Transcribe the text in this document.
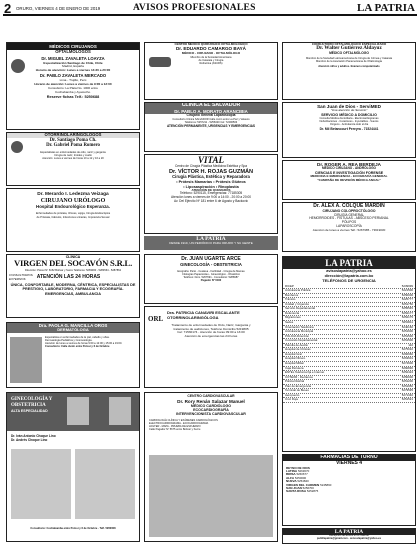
2 ORURO, VIERNES 4 DE ENERO DE 2019	AVISOS PROFESIONALES	LA PATRIA
MÉDICOS CIRUJANOS
OFTALMÓLOGOS
Dr. MIGUEL ZAVALETA LOAYZA
Especialización Santiago de Chile, Chile
Madrid, España
Horario de atención: Lunes a viernes 14:30 a 20:00
Dr. PABLO ZAVALETA MERCADO
Lima - Trujillo, Perú
Horario de atención: Lunes a viernes de 9:00 a 12:00
Consultorio: La Plata No. 1000 entre
Cochabamba y Ayacucho.
Reserve fichas Telf.: 5250688
OTORRINOLARINGÓLOGOS
Dr. Santiago Poma Ch.
Dr. Gabriel Poma Romero
Especialistas en enfermedades de oído, nariz y garganta
Cirugía de nariz, tiroides y cuello
Atención: Lunes a viernes de horas 10 a 12 y 16 a 20
Dr. Merardo I. Ledezma Veizaga
CIRUJANO URÓLOGO
Hospital Endourológico Esperanza.
Enfermedades de próstata, riñones, vejiga, Cirugía Endoscópica
de Próstata, Cálculos, Infecciones urinarias, Impotencia Sexual
CENTRO MÉDICO QUIRÚRGICO OFTALMOLÓGICO
Dr. EDUARDO CAMARGO BAYÁ
MÉDICO - CIRUJANO - OFTALMÓLOGO
Miembro de la Sociedad Americana
de Catarata y Cirugía
Refractiva (ASCRS)
CONSULTORIO OFTALMOLÓGICO ESPECIALIZADO
Dr. Walter Gutiérrez Aldayuz
MÉDICO OFTALMÓLOGO
Miembro de la Sociedad Latinoamericana de Cirugía de Córnea y Catarata
Miembro de la Asociación Panamericana de Oftalmología
Atención niños y adultos. Examen computarizado
CLÍNICA EL SALVADOR
Dr. PABLO A. MORATO ARANCIBIA
Cirujano General Laparoscopía
Consultorio Clínica SALVADOR Calle Junín entre La Paz y Velasco
Teléfonos: 5257211 - 5256320 Cel: 72490503
ATENCIÓN PERMANENTE, URGENCIAS Y EMERGENCIAS
VITAL
Centro de Cirugía Plástica Medicina Estética y Spa
Dr. VÍCTOR H. ROJAS GUZMÁN
Cirugía Plástica, Estética y Reparadora
• Prótesis Mamarias • Prótesis Glúteos
• Liposaspiración • Rinoplastía
ATENCIÓN DE QUEMADOS
Teléfono: 5290115, Emergencias: 77185305
Atención lunes a viernes de 9:00 a 14:00 - 20:00 a 20:00
Av. Del Ejército Nº 181 entre 6 de Agosto y Backovic
LA PATRIA
DESDE 1919, UN PERIÓDICO PARA ORURO Y SU GENTE
San Juan de Dios - ServiMED
"Una atención de Servicio"
SERVICIO MÉDICO A DOMICILIO
Consulta Médica domiciliaria - Electrocardiogramas
Nebulizaciones - Curaciones - Inyectables - Sueros
Oxígeno - Ambulancia todo el día
Dr. Mil Betancourt Pereyra - 71524441
Dr. ROGER A. REA BERDEJA
MÉDICO CIRUJANO - ANDRÓLOGO
CIENCIAS E INVESTIGACIÓN FORENSE
MEDICINA E EMERGENCIA - ECOGRAFÍA GENERAL
"CAMPAÑA DE REVISIÓN MÉDICA ANUAL"
Dr. ALEX A. COLQUE MARDIN
CIRUJANO COLOPROCTÓLOGO
CIRUGÍA GENERAL
HEMORROIDES - FÍSTULAS - ABSCESO PERIANAL
PÓLIPOS
LAPAROSCOPÍA
Atención de lunes a viernes Telf.: 5267985 - 73619030
CLÍNICA
VIRGEN DEL SOCAVÓN S.R.L.
Dirección: Potosí Nº 6152 Bolívar y Sucre Teléfonos: 5283300 - 5284564 - 5287862
CONSULTORIOS
EXTERNOS	ATENCIÓN LAS 24 HORAS
ÚNICA, CONFORTABLE, MODERNA, CÉNTRICA, ESPECIALISTAS DE PRESTIGIO, LABORATORIO, FARMACIA Y ECOGRAFÍA.
EMERGENCIAS, AMBULANCIA
Dr. JUAN UGARTE ARCE
GINECOLOGÍA - OBSTETRICIA
Ecografía: Parto - Cesárea - Fertilidad - Cirugía de Mamas
Citologías Papanicolau - Ginecológico - Obstétrico
Teléfono: Dom. 5267691 - Consultorio: 5286687
Pagador Nº 6182
Dra. PAOLA G. MANCILLA OROS
DERMATÓLOGA
Especialista en enfermedades de la piel, cabello y uñas.
Dermatología Pediátrica y Cosmetología.
Atención de lunes a viernes de horas 9:00 a 12:00 y 15:00 a 19:00.
Consultorio: Calle Junín entre Potosí y 6 de Octubre
ORL
Dra. PATRICIA CANAVIRI ESCALANTE
OTORRINOLARINGÓLOGA
Tratamiento de enfermedades de Oído, Nariz, Garganta y
tratamiento de audiciones, Teléfono Domicilio 5219805
Cel: 71530174 - Atención de horas 09:00 a 13:00
Atención de emergencias las 24 horas
GINECOLOGÍA Y
OBSTETRICIA
ALTA ESPECIALIDAD
Dr. Iván Antonio Choque Lino
Dr. Andrés Choque Lino
Consultorio: Cochabamba entre Potosí y 6 de Octubre - Telf. 5260008
CENTRO CARDIOVASCULAR
Dr. Rory Renán Salazar Manuel
MÉDICO CARDIÓLOGO
ECOCARDIOGRAFÍA
INTERVENCIONISTA CARDIOVASCULAR
CARDIOLOGÍA CLÍNICA Y EXÁMENES CARDIOLÓGICOS
ELECTROCARDIOGRAMA - ECOCARDIOGRAMA
HOLTER - MAPA - PRUEBA DE ESFUERZO
Calle Pagador Nº 5675 entre Bolívar y Sucre
LA PATRIA
avisoslapatria@yahoo.es
dirección@lapatria.com.bo
TELÉFONOS DE URGENCIA
RICEP	5239999
Ambulancia Pública	5221500
Bomberos	5256006
Tránsito	5225777
Unidad y Urgencia	5251750
Servicio Departamental	5255545
Defensoría	5252177
Migraciones	5252175
Sedes	5250611
Orientación Telefónica	5240160
Ambulancia Municipal	5251600
POLICÍA Dirección	5251500
Comando Departamental	5251500
Patrulla de Auxilio	110
Hospital de Clínicas	5275010
Hospital Gral	5266960
Hospital Obrero	5263601
Hospital Militar	5274600
Caja Petrolera	5260830
ENTEL Telefonía fija e Internet	5252424
COTEOR - Reclamos	5250000
Policía Distrital	5251200
Plan de Emergencia	5251950
Terminal de Buses	5279535
Aeropuerto	5271340
Cruz Roja	5251521
FARMACIAS DE TURNO
VIERNES 4
REYNO DE DIOS
LATINA 5263670
BRISA 5260677
ALFA 5250000
NUEVA 5254840
VIRGEN DEL CARMEN 5245890
SAN JUAN 5256700
SANTA ROSA 5252875
LA PATRIA
Recepción de avisos en el Internet
publilapatria@gmail.com - avisoslapatria@yahoo.es
